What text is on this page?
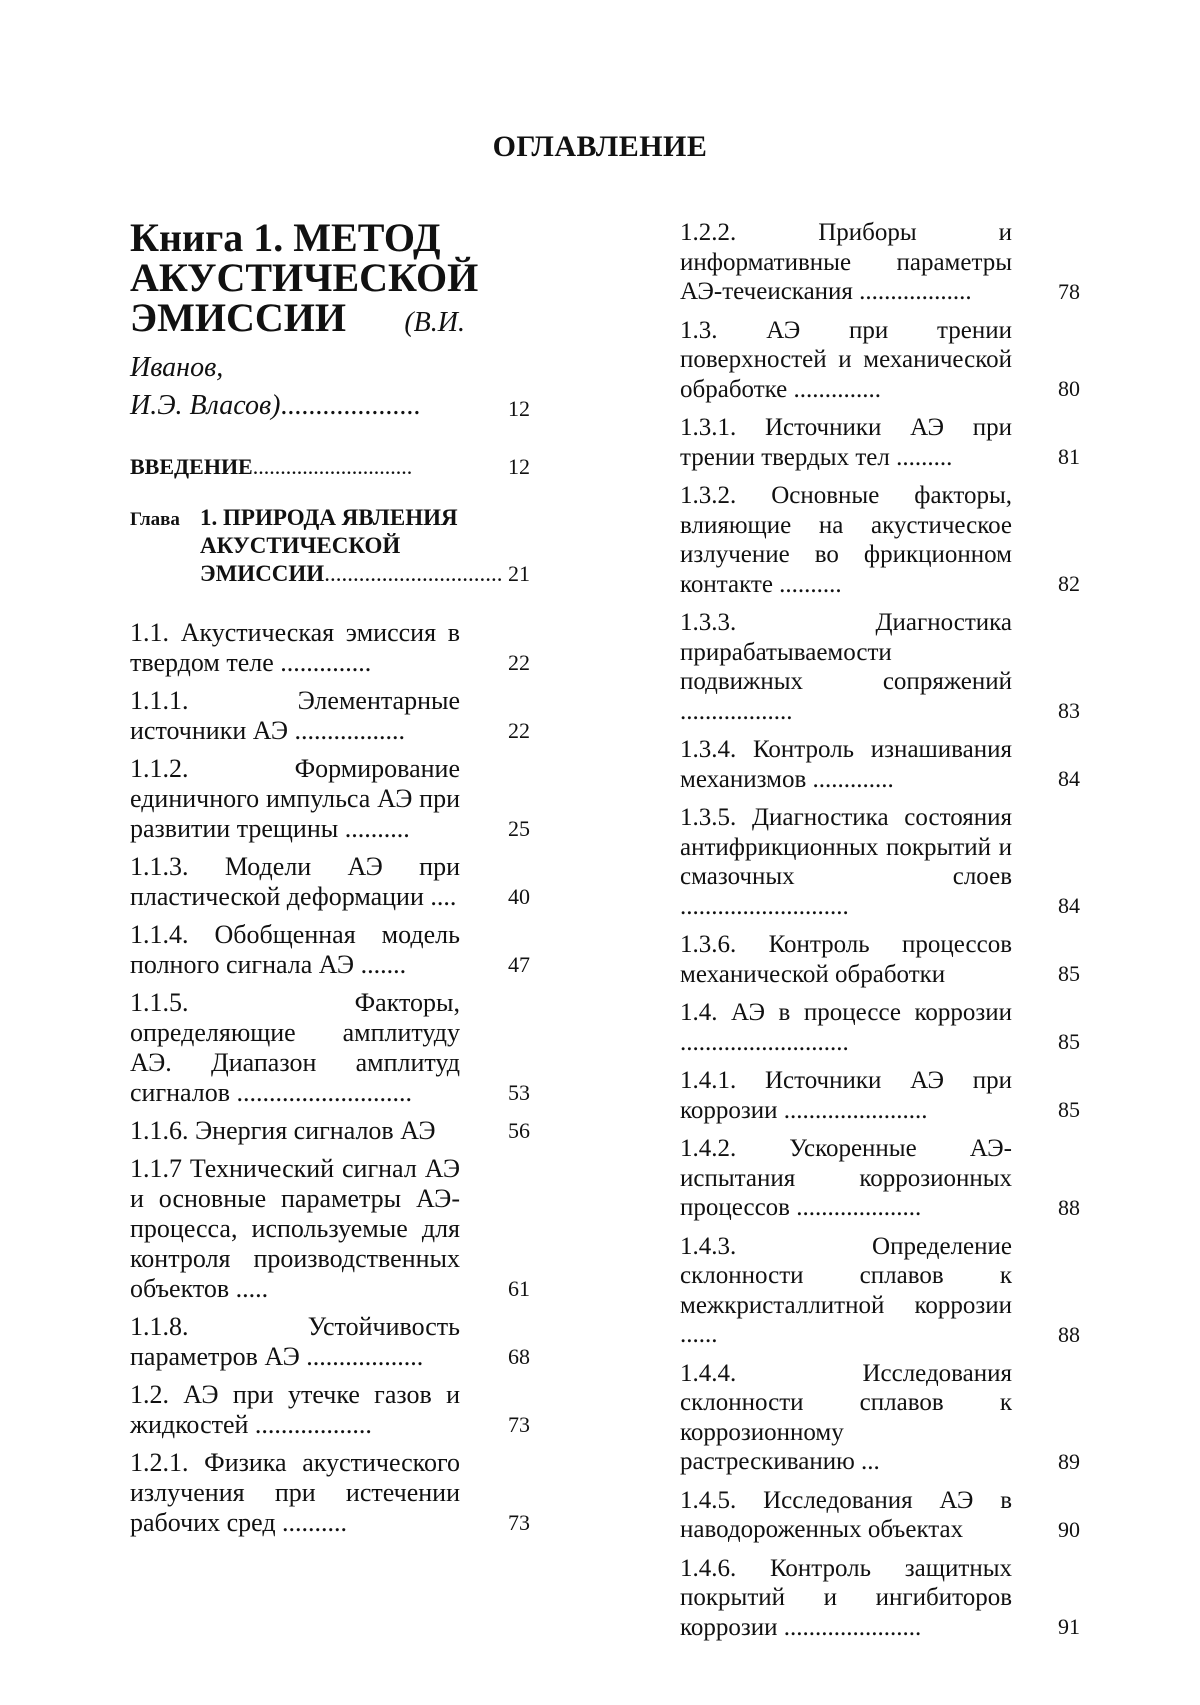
ОГЛАВЛЕНИЕ
Книга 1. МЕТОД
АКУСТИЧЕСКОЙ
ЭМИССИИ (В.И. Иванов,
И.Э. Власов)....................	12
ВВЕДЕНИЕ.............................	12
Глава 1. ПРИРОДА ЯВЛЕНИЯ АКУСТИЧЕСКОЙ ЭМИССИИ............................... 21
1.1. Акустическая эмиссия в твердом теле ..............	22
1.1.1. Элементарные источники АЭ .................	22
1.1.2. Формирование единичного импульса АЭ при развитии трещины ..........	25
1.1.3. Модели АЭ при пластической деформации ....	40
1.1.4. Обобщенная модель полного сигнала АЭ .......	47
1.1.5. Факторы, определяющие амплитуду АЭ. Диапазон амплитуд сигналов ...........................	53
1.1.6. Энергия сигналов АЭ	56
1.1.7 Технический сигнал АЭ и основные параметры АЭ-процесса, используемые для контроля производственных объектов .....	61
1.1.8. Устойчивость параметров АЭ ..................	68
1.2. АЭ при утечке газов и жидкостей ..................	73
1.2.1. Физика акустического излучения при истечении рабочих сред ..........	73
1.2.2. Приборы и информативные параметры АЭ-течеискания ..................	78
1.3. АЭ при трении поверхностей и механической обработке ..............	80
1.3.1. Источники АЭ при трении твердых тел .........	81
1.3.2. Основные факторы, влияющие на акустическое излучение во фрикционном контакте ..........	82
1.3.3. Диагностика прирабатываемости подвижных сопряжений ..................	83
1.3.4. Контроль изнашивания механизмов .............	84
1.3.5. Диагностика состояния антифрикционных покрытий и смазочных слоев ...........................	84
1.3.6. Контроль процессов механической обработки	85
1.4. АЭ в процессе коррозии ...........................	85
1.4.1. Источники АЭ при коррозии .......................	85
1.4.2. Ускоренные АЭ-испытания коррозионных процессов ....................	88
1.4.3. Определение склонности сплавов к межкристаллитной коррозии ......	88
1.4.4. Исследования склонности сплавов к коррозионному растрескиванию ...	89
1.4.5. Исследования АЭ в наводороженных объектах	90
1.4.6. Контроль защитных покрытий и ингибиторов коррозии ......................	91
